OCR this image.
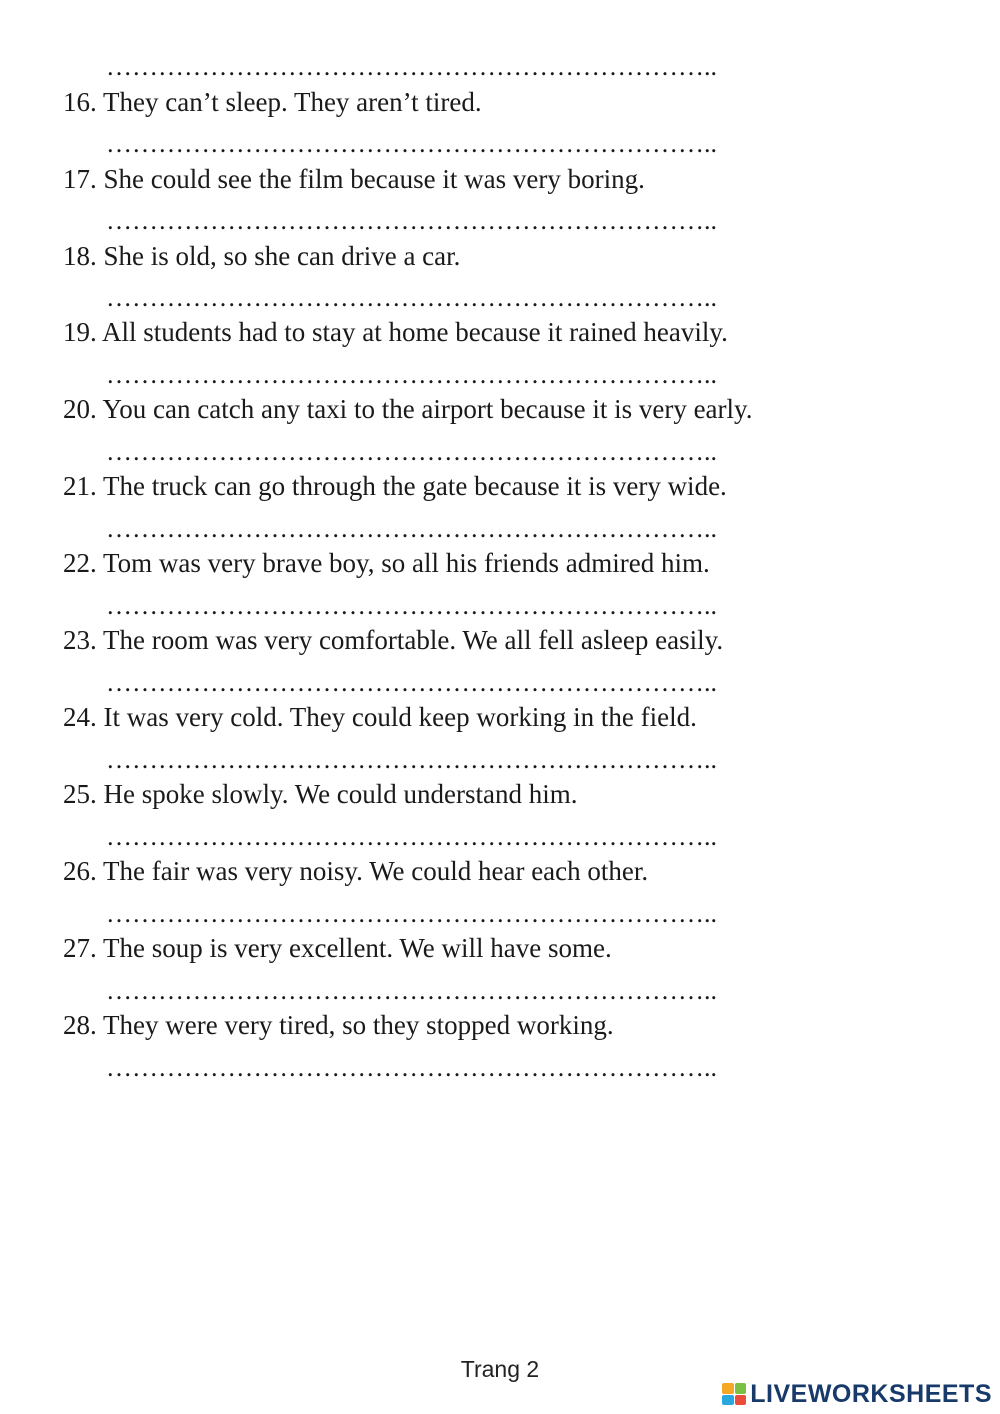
……………………………………………………………..
16. They can’t sleep. They aren’t tired.
……………………………………………………………..
17. She could see the film because it was very boring.
……………………………………………………………..
18. She is old, so she can drive a car.
……………………………………………………………..
19. All students had to stay at home because it rained heavily.
……………………………………………………………..
20. You can catch any taxi to the airport because it is very early.
……………………………………………………………..
21. The truck can go through the gate because it is very wide.
……………………………………………………………..
22. Tom was very brave boy, so all his friends admired him.
……………………………………………………………..
23. The room was very comfortable. We all fell asleep easily.
……………………………………………………………..
24. It was very cold. They could keep working in the field.
……………………………………………………………..
25. He spoke slowly. We could understand him.
……………………………………………………………..
26. The fair was very noisy. We could hear each other.
……………………………………………………………..
27. The soup is very excellent. We will have some.
……………………………………………………………..
28. They were very tired, so they stopped working.
……………………………………………………………..
Trang 2
LIVEWORKSHEETS
